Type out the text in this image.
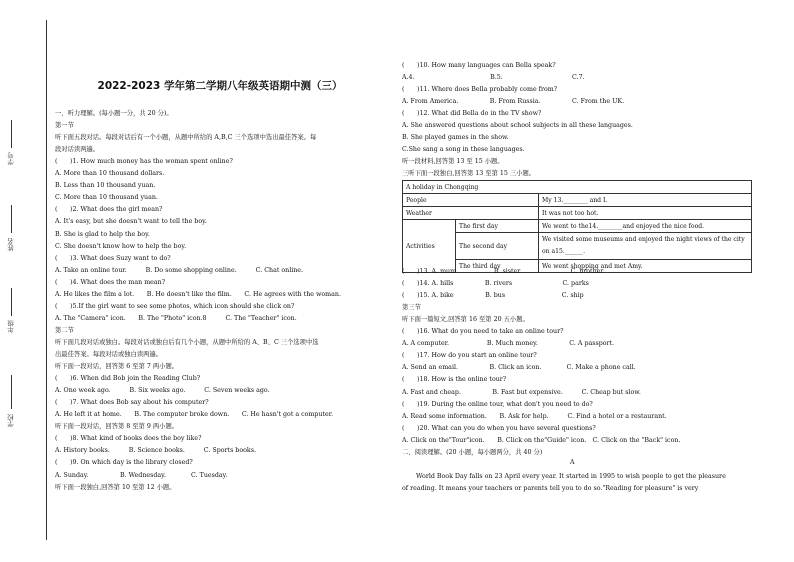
学号
姓名
年级
学校
2022-2023 学年第二学期八年级英语期中测（三）
一、听力理解。(每小题一分，共 20 分)。
第一节
听下面五段对话。每段对话后有一个小题，从题中所给的 A,B,C 三个选项中选出最佳答案。每
段对话读两遍。
(　　)1. How much money has the woman spent online?
A. More than 10 thousand dollars.
B. Less than 10 thousand yuan.
C. More than 10 thousand yuan.
(　　)2. What does the girl mean?
A. It's easy, but she doesn't want to tell the boy.
B. She is glad to help the boy.
C. She doesn't know how to help the boy.
(　　)3. What does Suzy want to do?
A. Take an online tour.　　　B. Do some shopping online.　　　C. Chat online.
(　　)4. What does the man mean?
A. He likes the film a lot.　　B. He doesn't like the film.　　C. He agrees with the woman.
(　　)5.If the girl want to see some photos, which icon should she click on?
A. The "Camera" icon.　　B. The "Photo" icon.8　　　C. The "Teacher" icon.
第二节
听下面几段对话或独白。每段对话或独白后有几个小题，从题中所给的 A、B、C 三个选项中选
出最佳答案。每段对话或独白读两遍。
听下面一段对话，回答第 6 至第 7 两小题。
(　　)6. When did Bob join the Reading Club?
A. One week ago.　　　B. Six weeks ago.　　　C. Seven weeks ago.
(　　)7. What does Bob say about his computer?
A. He left it at home.　　B. The computer broke down.　　C. He hasn't got a computer.
听下面一段对话，回答第 8 至第 9 两小题。
(　　)8. What kind of books does the boy like?
A. History books.　　　B. Science books.　　　C. Sports books.
(　　)9. On which day is the library closed?
A. Sunday.　　　　　B. Wednesday.　　　　C. Tuesday.
听下面一段独白,回答第 10 至第 12 小题。
(　　)10. How many languages can Bella speak?
A.4.　　　　　　　　　　　　B.5.　　　　　　　　　　　C.7.
(　　)11. Where does Bella probably come from?
A. From America.　　　　　B. From Russia.　　　　　C. From the UK.
(　　)12. What did Bella do in the TV show?
A. She answered questions about school subjects in all these languages.
B. She played games in the show.
C.She sang a song in these languages.
听一段材料,回答第 13 至 15 小题。
三听下面一段独白,回答第 13 至第 15 三小题。
A holiday in Chongqing		
People		My 13.________ and I.
Weather		It was not too hot.
Activities	The first day	We went to the14.________and enjoyed the nice food.
	The second day	We visited some museums and enjoyed the night views of the city on a15.______.
	The third day	We went shopping and met Amy.
(　　)13. A. mum　　　　　　B. sister　　　　　　　　C. brother
(　　)14. A. hills　　　　　B. rivers　　　　　　　　C. parks
(　　)15. A. bike　　　　　B. bus　　　　　　　　　C. ship
第三节
听下面一篇短文,回答第 16 至第 20 五小题。
(　　)16. What do you need to take an online tour?
A. A computer.　　　　　　B. Much money.　　　　　C. A passport.
(　　)17. How do you start an online tour?
A. Send an email.　　　　　B. Click an icon.　　　　C. Make a phone call.
(　　)18. How is the online tour?
A. Fast and cheap.　　　　　B. Fast but expensive.　　　C. Cheap but slow.
(　　)19. During the online tour, what don't you need to do?
A. Read some information.　　B. Ask for help.　　　C. Find a hotel or a restaurant.
(　　)20. What can you do when you have several questions?
A. Click on the"Tour"icon.　　B. Click on the"Guide" icon.　C. Click on the "Back" icon.
二、阅读理解。(20 小题，每小题两分，共 40 分)
A
World Book Day falls on 23 April every year. It started in 1995 to wish people to get the pleasure
of reading. It means your teachers or parents tell you to do so."Reading for pleasure" is very
